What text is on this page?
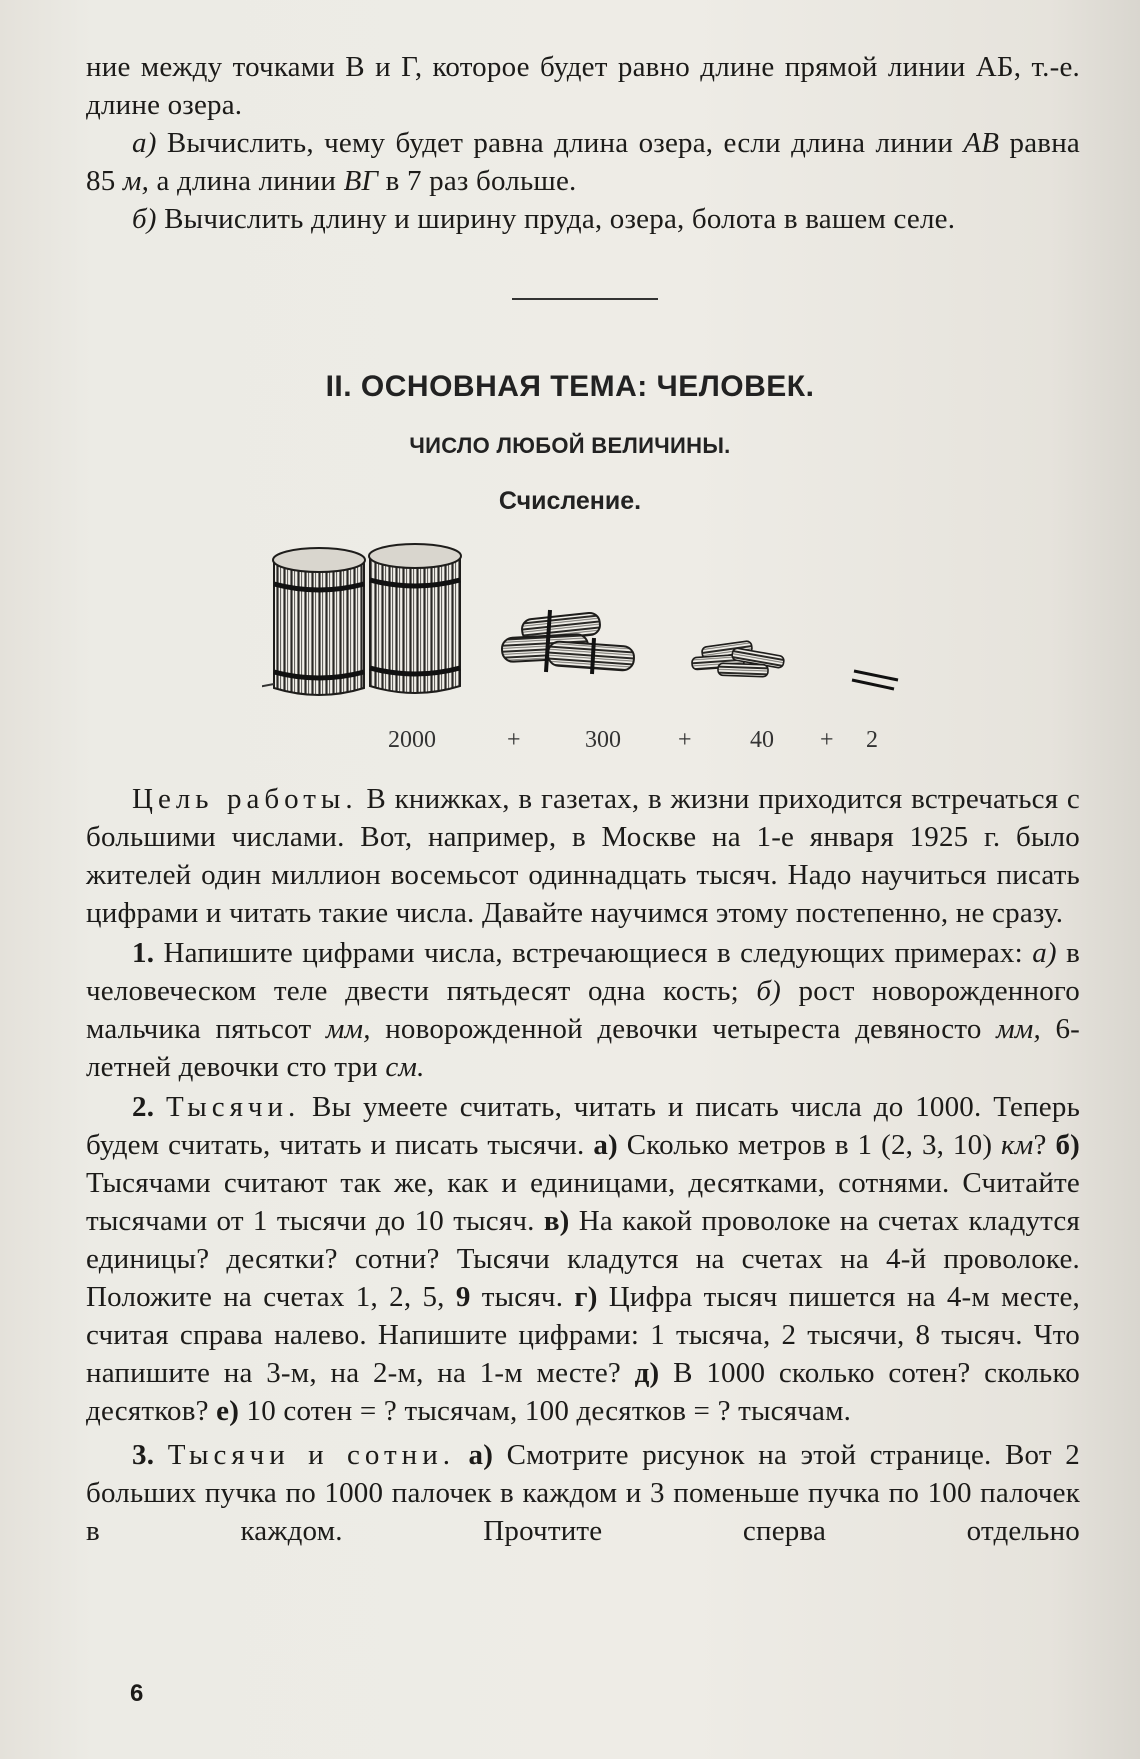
ние между точками В и Г, которое будет равно длине прямой линии АБ, т.-е. длине озера.

а) Вычислить, чему будет равна длина озера, если длина линии АВ равна 85 м, а длина линии ВГ в 7 раз больше.

б) Вычислить длину и ширину пруда, озера, болота в вашем селе.

II. ОСНОВНАЯ ТЕМА: ЧЕЛОВЕК.
ЧИСЛО ЛЮБОЙ ВЕЛИЧИНЫ.
Счисление.
2000	+	300 + 40 + 2

Цель работы. В книжках, в газетах, в жизни приходится встречаться с большими числами. Вот, например, в Москве на 1-е января 1925 г. было жителей один миллион восемьсот одиннадцать тысяч. Надо научиться писать цифрами и читать такие числа. Давайте научимся этому постепенно, не сразу.

1. Напишите цифрами числа, встречающиеся в следующих примерах: а) в человеческом теле двести пятьдесят одна кость; б) рост новорожденного мальчика пятьсот мм, новорожденной девочки четыреста девяносто мм, 6-летней девочки сто три см.

2. Тысячи. Вы умеете считать, читать и писать числа до 1000. Теперь будем считать, читать и писать тысячи. а) Сколько метров в 1 (2, 3, 10) км? б) Тысячами считают так же, как и единицами, десятками, сотнями. Считайте тысячами от 1 тысячи до 10 тысяч. в) На какой проволоке на счетах кладутся единицы? десятки? сотни? Тысячи кладутся на счетах на 4-й проволоке. Положите на счетах 1, 2, 5, 9 тысяч. г) Цифра тысяч пишется на 4-м месте, считая справа налево. Напишите цифрами: 1 тысяча, 2 тысячи, 8 тысяч. Что напишите на 3-м, на 2-м, на 1-м месте? д) В 1000 сколько сотен? сколько десятков? е) 10 сотен = ? тысячам, 100 десятков = ? тысячам.

3. Тысячи и сотни. а) Смотрите рисунок на этой странице. Вот 2 больших пучка по 1000 палочек в каждом и 3 поменьше пучка по 100 палочек в каждом. Прочтите сперва отдельно

6
